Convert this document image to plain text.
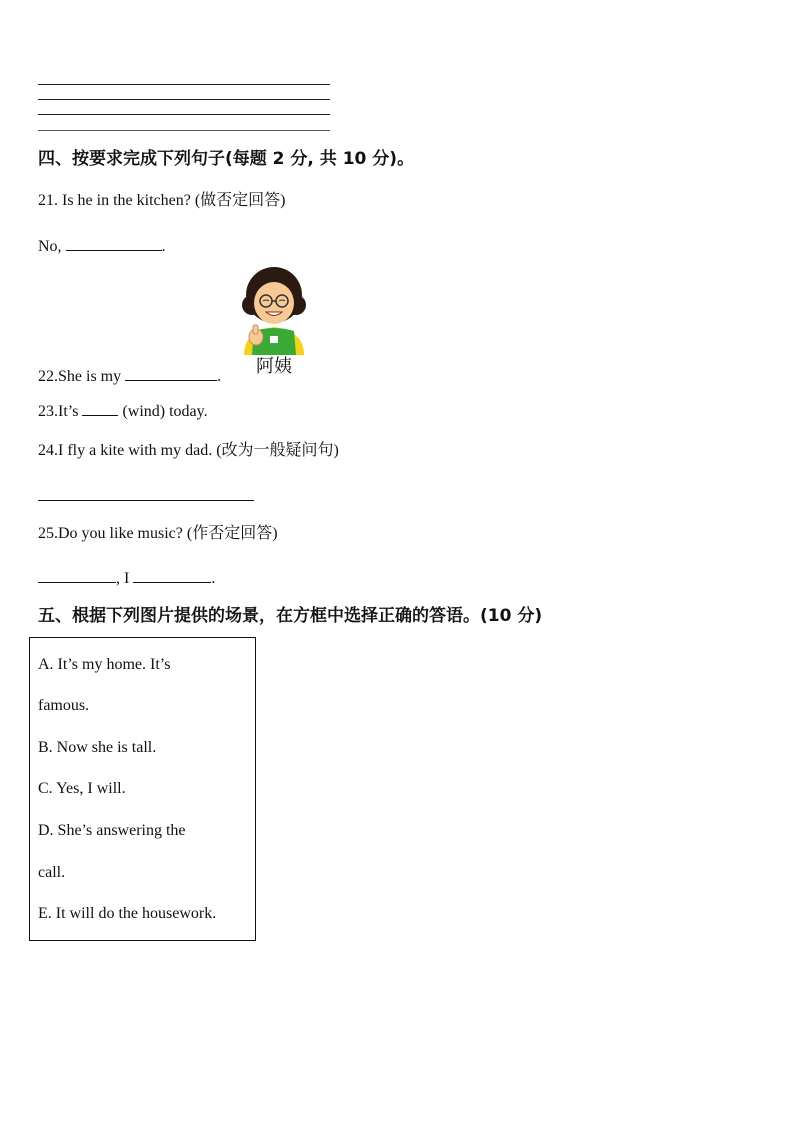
四、按要求完成下列句子(每题 2 分, 共 10 分)。
21. Is he in the kitchen? (做否定回答)
No,	.
阿姨
22.She is my	.
23.It’s	(wind) today.
24.I fly a kite with my dad. (改为一般疑问句)
25.Do you like music? (作否定回答)
, I	.
五、根据下列图片提供的场景，在方框中选择正确的答语。(10 分)
A. It’s my home. It’s
famous.
B. Now she is tall.
C. Yes, I will.
D. She’s answering the
call.
E. It will do the housework.
